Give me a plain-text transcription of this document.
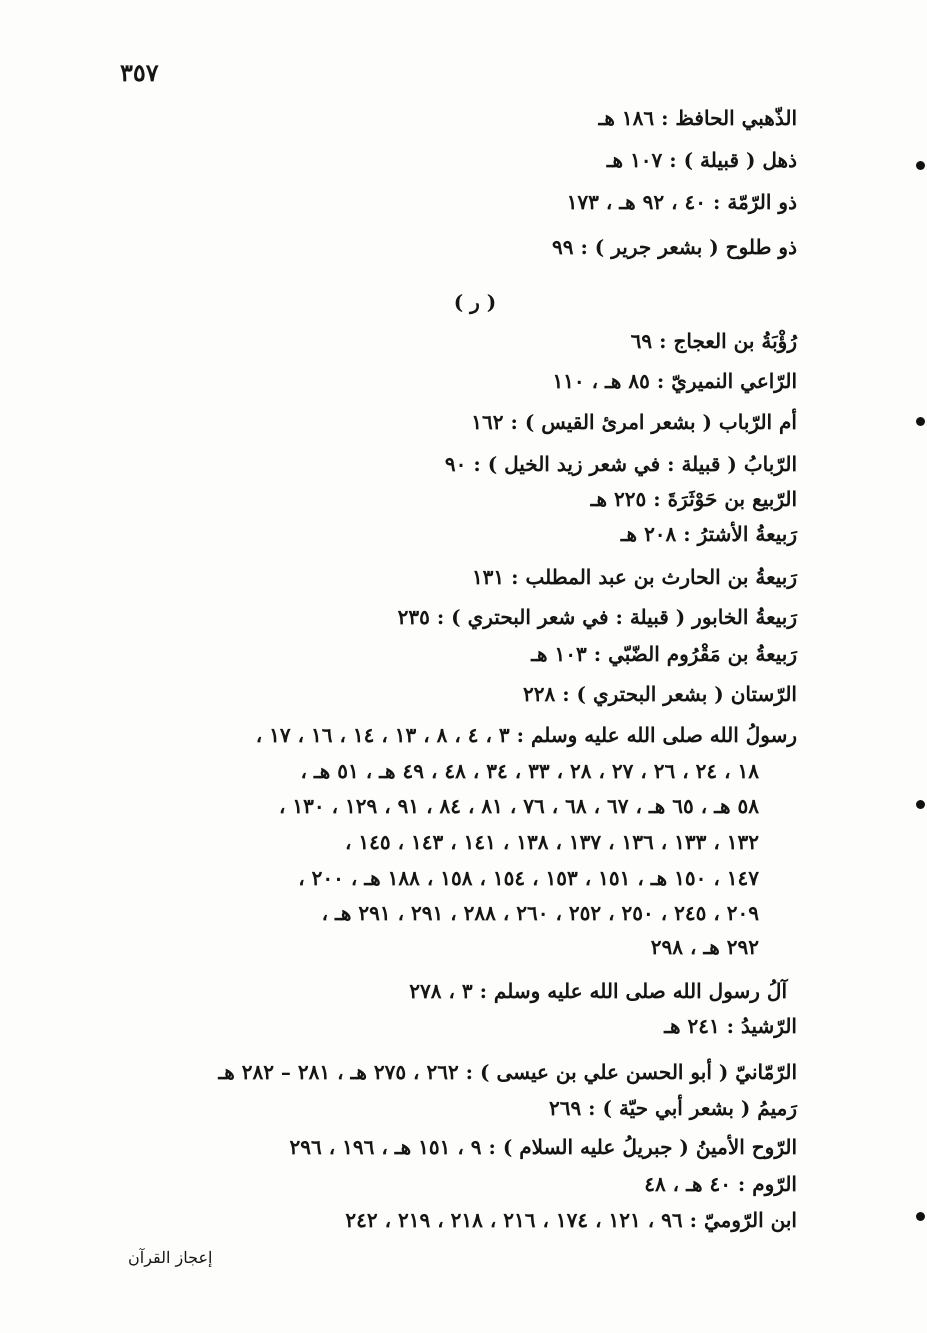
٣٥٧
الذّهبي الحافظ : ١٨٦ هـ
ذهل ( قبيلة ) : ١٠٧ هـ
ذو الرّمّة : ٤٠ ، ٩٢ هـ ، ١٧٣
ذو طلوح ( بشعر جرير ) : ٩٩
( ر )
رُؤْبَةُ بن العجاج : ٦٩
الرّاعي النميريّ : ٨٥ هـ ، ١١٠
أم الرّباب ( بشعر امرئ القيس ) : ١٦٢
الرّبابُ ( قبيلة : في شعر زيد الخيل ) : ٩٠
الرّبيع بن حَوْثَرَةَ : ٢٢٥ هـ
رَبيعةُ الأشترُ : ٢٠٨ هـ
رَبيعةُ بن الحارث بن عبد المطلب : ١٣١
رَبيعةُ الخابور ( قبيلة : في شعر البحتري ) : ٢٣٥
رَبيعةُ بن مَقْرُوم الضّبّي : ١٠٣ هـ
الرّستان ( بشعر البحتري ) : ٢٢٨
رسولُ الله صلى الله عليه وسلم : ٣ ، ٤ ، ٨ ، ١٣ ، ١٤ ، ١٦ ، ١٧ ،
١٨ ، ٢٤ ، ٢٦ ، ٢٧ ، ٢٨ ، ٣٣ ، ٣٤ ، ٤٨ ، ٤٩ هـ ، ٥١ هـ ،
٥٨ هـ ، ٦٥ هـ ، ٦٧ ، ٦٨ ، ٧٦ ، ٨١ ، ٨٤ ، ٩١ ، ١٢٩ ، ١٣٠ ،
١٣٢ ، ١٣٣ ، ١٣٦ ، ١٣٧ ، ١٣٨ ، ١٤١ ، ١٤٣ ، ١٤٥ ،
١٤٧ ، ١٥٠ هـ ، ١٥١ ، ١٥٣ ، ١٥٤ ، ١٥٨ ، ١٨٨ هـ ، ٢٠٠ ،
٢٠٩ ، ٢٤٥ ، ٢٥٠ ، ٢٥٢ ، ٢٦٠ ، ٢٨٨ ، ٢٩١ ، ٢٩١ هـ ،
٢٩٢ هـ ، ٢٩٨
آلُ رسول الله صلى الله عليه وسلم : ٣ ، ٢٧٨
الرّشيدُ : ٢٤١ هـ
الرّمّانيّ ( أبو الحسن علي بن عيسى ) : ٢٦٢ ، ٢٧٥ هـ ، ٢٨١ – ٢٨٢ هـ
رَميمُ ( بشعر أبي حيّة ) : ٢٦٩
الرّوح الأمينُ ( جبريلُ عليه السلام ) : ٩ ، ١٥١ هـ ، ١٩٦ ، ٢٩٦
الرّوم : ٤٠ هـ ، ٤٨
ابن الرّوميّ : ٩٦ ، ١٢١ ، ١٧٤ ، ٢١٦ ، ٢١٨ ، ٢١٩ ، ٢٤٢
إعجاز القرآن
